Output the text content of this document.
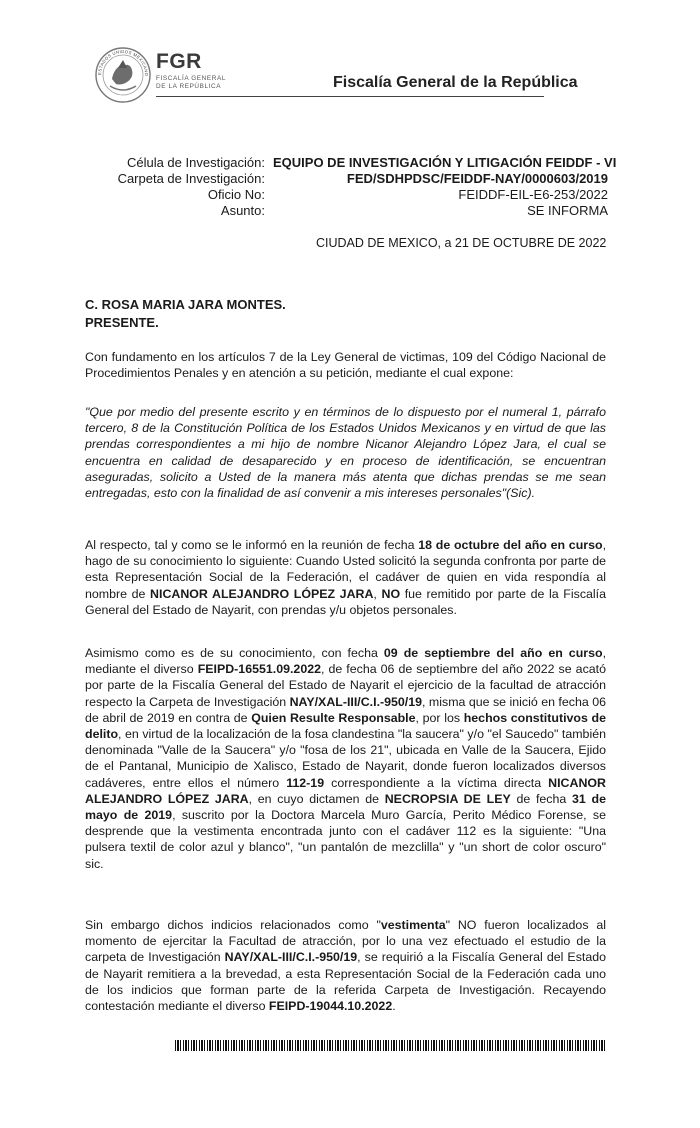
ESTADOS UNIDOS MEXICANO
FGR
FISCALÍA GENERAL
DE LA REPÚBLICA	Fiscalía General de la República
Célula de Investigación: EQUIPO DE INVESTIGACIÓN Y LITIGACIÓN FEIDDF - VI
Carpeta de Investigación:	FED/SDHPDSC/FEIDDF-NAY/0000603/2019
Oficio No:	FEIDDF-EIL-E6-253/2022
Asunto:	SE INFORMA
CIUDAD DE MEXICO, a 21 DE OCTUBRE DE 2022
C. ROSA MARIA JARA MONTES.
PRESENTE.

Con fundamento en los artículos 7 de la Ley General de victimas, 109 del Código Nacional de Procedimientos Penales y en atención a su petición, mediante el cual expone:

"Que por medio del presente escrito y en términos de lo dispuesto por el numeral 1, párrafo tercero, 8 de la Constitución Política de los Estados Unidos Mexicanos y en virtud de que las prendas correspondientes a mi hijo de nombre Nicanor Alejandro López Jara, el cual se encuentra en calidad de desaparecido y en proceso de identificación, se encuentran aseguradas, solicito a Usted de la manera más atenta que dichas prendas se me sean entregadas, esto con la finalidad de así convenir a mis intereses personales"(Sic).

Al respecto, tal y como se le informó en la reunión de fecha 18 de octubre del año en curso, hago de su conocimiento lo siguiente: Cuando Usted solicitó la segunda confronta por parte de esta Representación Social de la Federación, el cadáver de quien en vida respondía al nombre de NICANOR ALEJANDRO LÓPEZ JARA, NO fue remitido por parte de la Fiscalía General del Estado de Nayarit, con prendas y/u objetos personales.

Asimismo como es de su conocimiento, con fecha 09 de septiembre del año en curso, mediante el diverso FEIPD-16551.09.2022, de fecha 06 de septiembre del año 2022 se acató por parte de la Fiscalía General del Estado de Nayarit el ejercicio de la facultad de atracción respecto la Carpeta de Investigación NAY/XAL-III/C.I.-950/19, misma que se inició en fecha 06 de abril de 2019 en contra de Quien Resulte Responsable, por los hechos constitutivos de delito, en virtud de la localización de la fosa clandestina "la saucera" y/o "el Saucedo" también denominada "Valle de la Saucera" y/o "fosa de los 21", ubicada en Valle de la Saucera, Ejido de el Pantanal, Municipio de Xalisco, Estado de Nayarit, donde fueron localizados diversos cadáveres, entre ellos el número 112-19 correspondiente a la víctima directa NICANOR ALEJANDRO LÓPEZ JARA, en cuyo dictamen de NECROPSIA DE LEY de fecha 31 de mayo de 2019, suscrito por la Doctora Marcela Muro García, Perito Médico Forense, se desprende que la vestimenta encontrada junto con el cadáver 112 es la siguiente: "Una pulsera textil de color azul y blanco", "un pantalón de mezclilla" y "un short de color oscuro" sic.

Sin embargo dichos indicios relacionados como "vestimenta" NO fueron localizados al momento de ejercitar la Facultad de atracción, por lo una vez efectuado el estudio de la carpeta de Investigación NAY/XAL-III/C.I.-950/19, se requirió a la Fiscalía General del Estado de Nayarit remitiera a la brevedad, a esta Representación Social de la Federación cada uno de los indicios que forman parte de la referida Carpeta de Investigación. Recayendo contestación mediante el diverso FEIPD-19044.10.2022.
